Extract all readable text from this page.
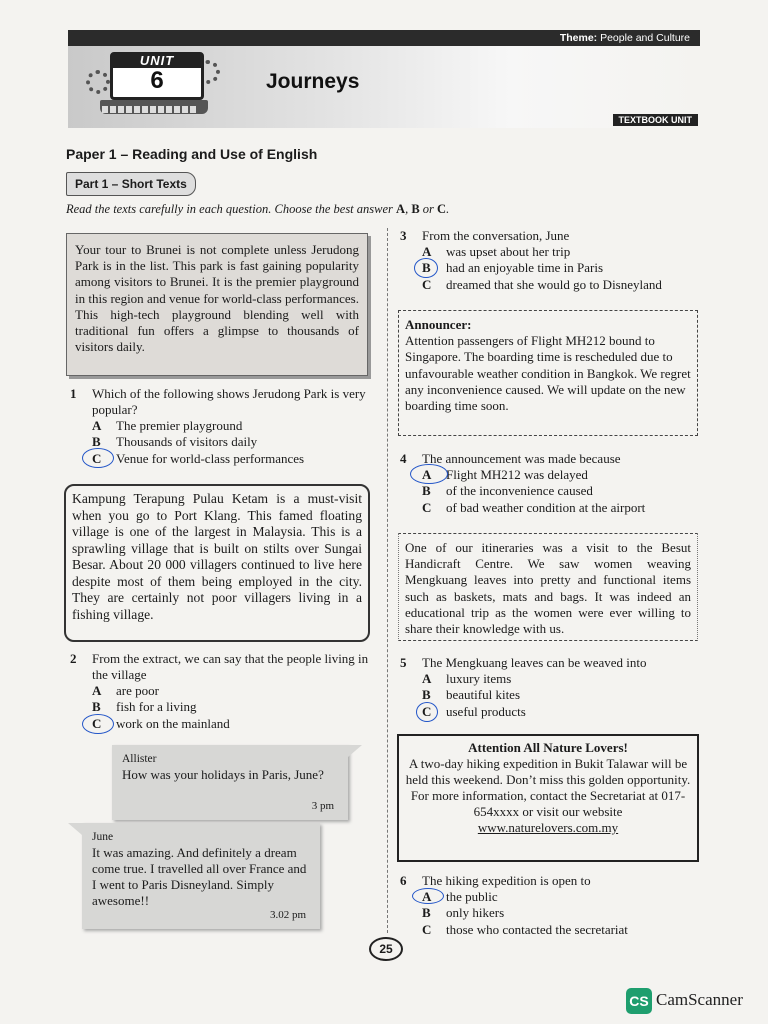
Theme: People and Culture
UNIT
6	Journeys
TEXTBOOK UNIT
Paper 1 – Reading and Use of English
Part 1 – Short Texts
Read the texts carefully in each question. Choose the best answer A, B or C.
Your tour to Brunei is not complete unless Jerudong Park is in the list. This park is fast gaining popularity among visitors to Brunei. It is the premier playground in this region and venue for world-class performances. This high-tech playground blending well with traditional fun offers a glimpse to thousands of visitors daily.
1	Which of the following shows Jerudong Park is very popular?
A The premier playground
B Thousands of visitors daily
C Venue for world-class performances
Kampung Terapung Pulau Ketam is a must-visit when you go to Port Klang. This famed floating village is one of the largest in Malaysia. This is a sprawling village that is built on stilts over Sungai Besar. About 20 000 villagers continued to live here despite most of them being employed in the city. They are certainly not poor villagers living in a fishing village.
2	From the extract, we can say that the people living in the village
A are poor
B fish for a living
C work on the mainland
Allister
How was your holidays in Paris, June?
3 pm
June
It was amazing. And definitely a dream come true. I travelled all over France and I went to Paris Disneyland. Simply awesome!!
3.02 pm
3	From the conversation, June
A was upset about her trip
B had an enjoyable time in Paris
C dreamed that she would go to Disneyland
Announcer:
Attention passengers of Flight MH212 bound to Singapore. The boarding time is rescheduled due to unfavourable weather condition in Bangkok. We regret any inconvenience caused. We will update on the new boarding time soon.
4	The announcement was made because
A Flight MH212 was delayed
B of the inconvenience caused
C of bad weather condition at the airport
One of our itineraries was a visit to the Besut Handicraft Centre. We saw women weaving Mengkuang leaves into pretty and functional items such as baskets, mats and bags. It was indeed an educational trip as the women were ever willing to share their knowledge with us.
5	The Mengkuang leaves can be weaved into
A luxury items
B beautiful kites
C useful products
Attention All Nature Lovers!
A two-day hiking expedition in Bukit Talawar will be held this weekend. Don’t miss this golden opportunity. For more information, contact the Secretariat at 017-654xxxx or visit our website
www.naturelovers.com.my
6	The hiking expedition is open to
A the public
B only hikers
C those who contacted the secretariat
25
CS CamScanner
